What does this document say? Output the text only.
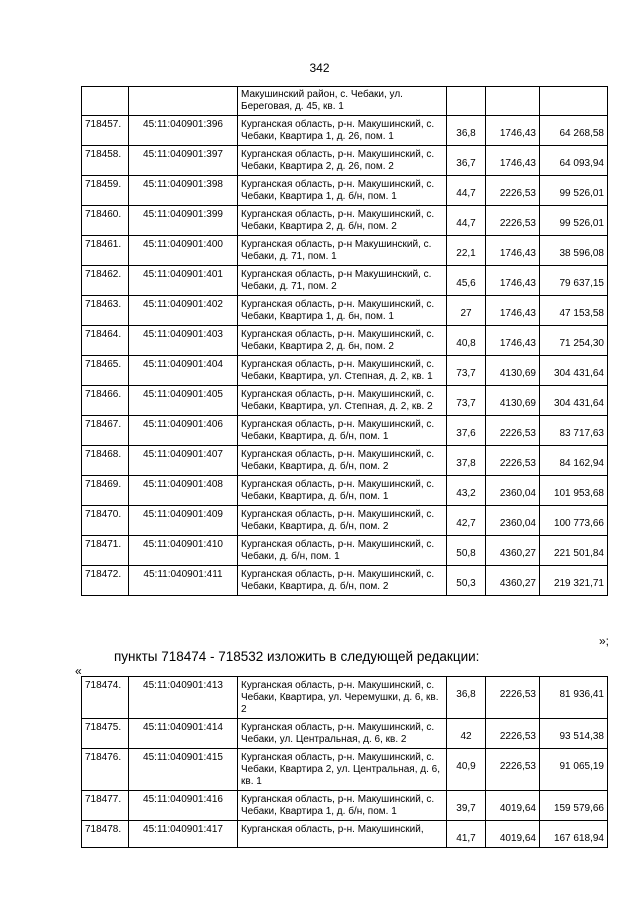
342
		Макушинский район, с. Чебаки, ул. Береговая, д. 45, кв. 1			
718457.	45:11:040901:396	Курганская область, р-н. Макушинский, с. Чебаки, Квартира 1, д. 26, пом. 1	36,8	1746,43	64 268,58
718458.	45:11:040901:397	Курганская область, р-н. Макушинский, с. Чебаки, Квартира 2, д. 26, пом. 2	36,7	1746,43	64 093,94
718459.	45:11:040901:398	Курганская область, р-н. Макушинский, с. Чебаки, Квартира 1, д. б/н, пом. 1	44,7	2226,53	99 526,01
718460.	45:11:040901:399	Курганская область, р-н. Макушинский, с. Чебаки, Квартира 2, д. б/н, пом. 2	44,7	2226,53	99 526,01
718461.	45:11:040901:400	Курганская область, р-н Макушинский, с. Чебаки, д. 71, пом. 1	22,1	1746,43	38 596,08
718462.	45:11:040901:401	Курганская область, р-н Макушинский, с. Чебаки, д. 71, пом. 2	45,6	1746,43	79 637,15
718463.	45:11:040901:402	Курганская область, р-н. Макушинский, с. Чебаки, Квартира 1, д. бн, пом. 1	27	1746,43	47 153,58
718464.	45:11:040901:403	Курганская область, р-н. Макушинский, с. Чебаки, Квартира 2, д. бн, пом. 2	40,8	1746,43	71 254,30
718465.	45:11:040901:404	Курганская область, р-н. Макушинский, с. Чебаки, Квартира, ул. Степная, д. 2, кв. 1	73,7	4130,69	304 431,64
718466.	45:11:040901:405	Курганская область, р-н. Макушинский, с. Чебаки, Квартира, ул. Степная, д. 2, кв. 2	73,7	4130,69	304 431,64
718467.	45:11:040901:406	Курганская область, р-н. Макушинский, с. Чебаки, Квартира, д. б/н, пом. 1	37,6	2226,53	83 717,63
718468.	45:11:040901:407	Курганская область, р-н. Макушинский, с. Чебаки, Квартира, д. б/н, пом. 2	37,8	2226,53	84 162,94
718469.	45:11:040901:408	Курганская область, р-н. Макушинский, с. Чебаки, Квартира, д. б/н, пом. 1	43,2	2360,04	101 953,68
718470.	45:11:040901:409	Курганская область, р-н. Макушинский, с. Чебаки, Квартира, д. б/н, пом. 2	42,7	2360,04	100 773,66
718471.	45:11:040901:410	Курганская область, р-н. Макушинский, с. Чебаки, д. б/н, пом. 1	50,8	4360,27	221 501,84
718472.	45:11:040901:411	Курганская область, р-н. Макушинский, с. Чебаки, Квартира, д. б/н, пом. 2	50,3	4360,27	219 321,71
»;
пункты 718474 - 718532 изложить в следующей редакции:
«
718474.	45:11:040901:413	Курганская область, р-н. Макушинский, с. Чебаки, Квартира, ул. Черемушки, д. 6, кв. 2	36,8	2226,53	81 936,41
718475.	45:11:040901:414	Курганская область, р-н. Макушинский, с. Чебаки, ул. Центральная, д. 6, кв. 2	42	2226,53	93 514,38
718476.	45:11:040901:415	Курганская область, р-н. Макушинский, с. Чебаки, Квартира 2, ул. Центральная, д. 6, кв. 1	40,9	2226,53	91 065,19
718477.	45:11:040901:416	Курганская область, р-н. Макушинский, с. Чебаки, Квартира 1, д. б/н, пом. 1	39,7	4019,64	159 579,66
718478.	45:11:040901:417	Курганская область, р-н. Макушинский,	41,7	4019,64	167 618,94
